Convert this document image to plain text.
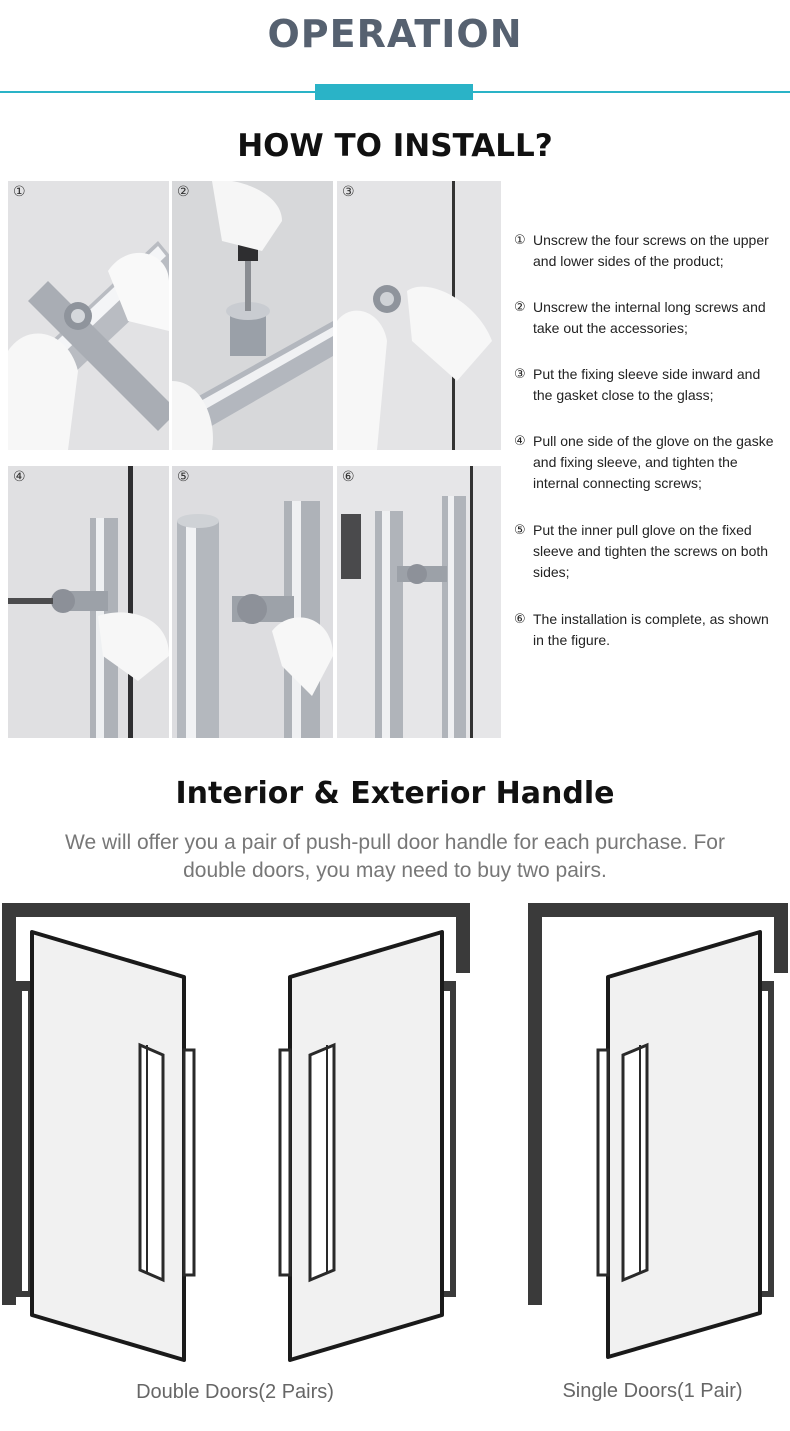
OPERATION
HOW TO INSTALL?
①	②	③
④	⑤	⑥
① Unscrew the four screws on the upper
and lower sides of the product;
② Unscrew the internal long screws and
take out the accessories;
③ Put the fixing sleeve side inward and
the gasket close to the glass;
④ Pull one side of the glove on the gaske
and fixing sleeve, and tighten the
internal connecting screws;
⑤ Put the inner pull glove on the fixed
sleeve and tighten the screws on both
sides;
⑥ The installation is complete, as shown
in the figure.
Interior & Exterior Handle
We will offer you a pair of push-pull door handle for each purchase. For double doors, you may need to buy two pairs.
Double Doors(2 Pairs)	Single Doors(1 Pair)
